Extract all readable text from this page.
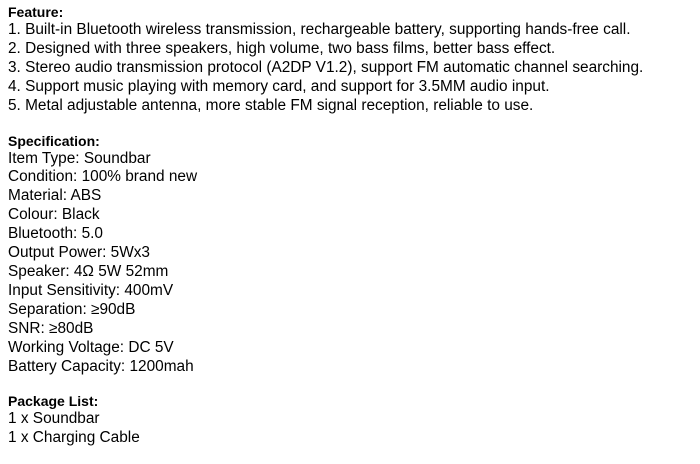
Feature:
1. Built-in Bluetooth wireless transmission, rechargeable battery, supporting hands-free call.
2. Designed with three speakers, high volume, two bass films, better bass effect.
3. Stereo audio transmission protocol (A2DP V1.2), support FM automatic channel searching.
4. Support music playing with memory card, and support for 3.5MM audio input.
5. Metal adjustable antenna, more stable FM signal reception, reliable to use.
Specification:
Item Type: Soundbar
Condition: 100% brand new
Material: ABS
Colour: Black
Bluetooth: 5.0
Output Power: 5Wx3
Speaker: 4Ω 5W 52mm
Input Sensitivity: 400mV
Separation: ≥90dB
SNR: ≥80dB
Working Voltage: DC 5V
Battery Capacity: 1200mah
Package List:
1 x Soundbar
1 x Charging Cable
